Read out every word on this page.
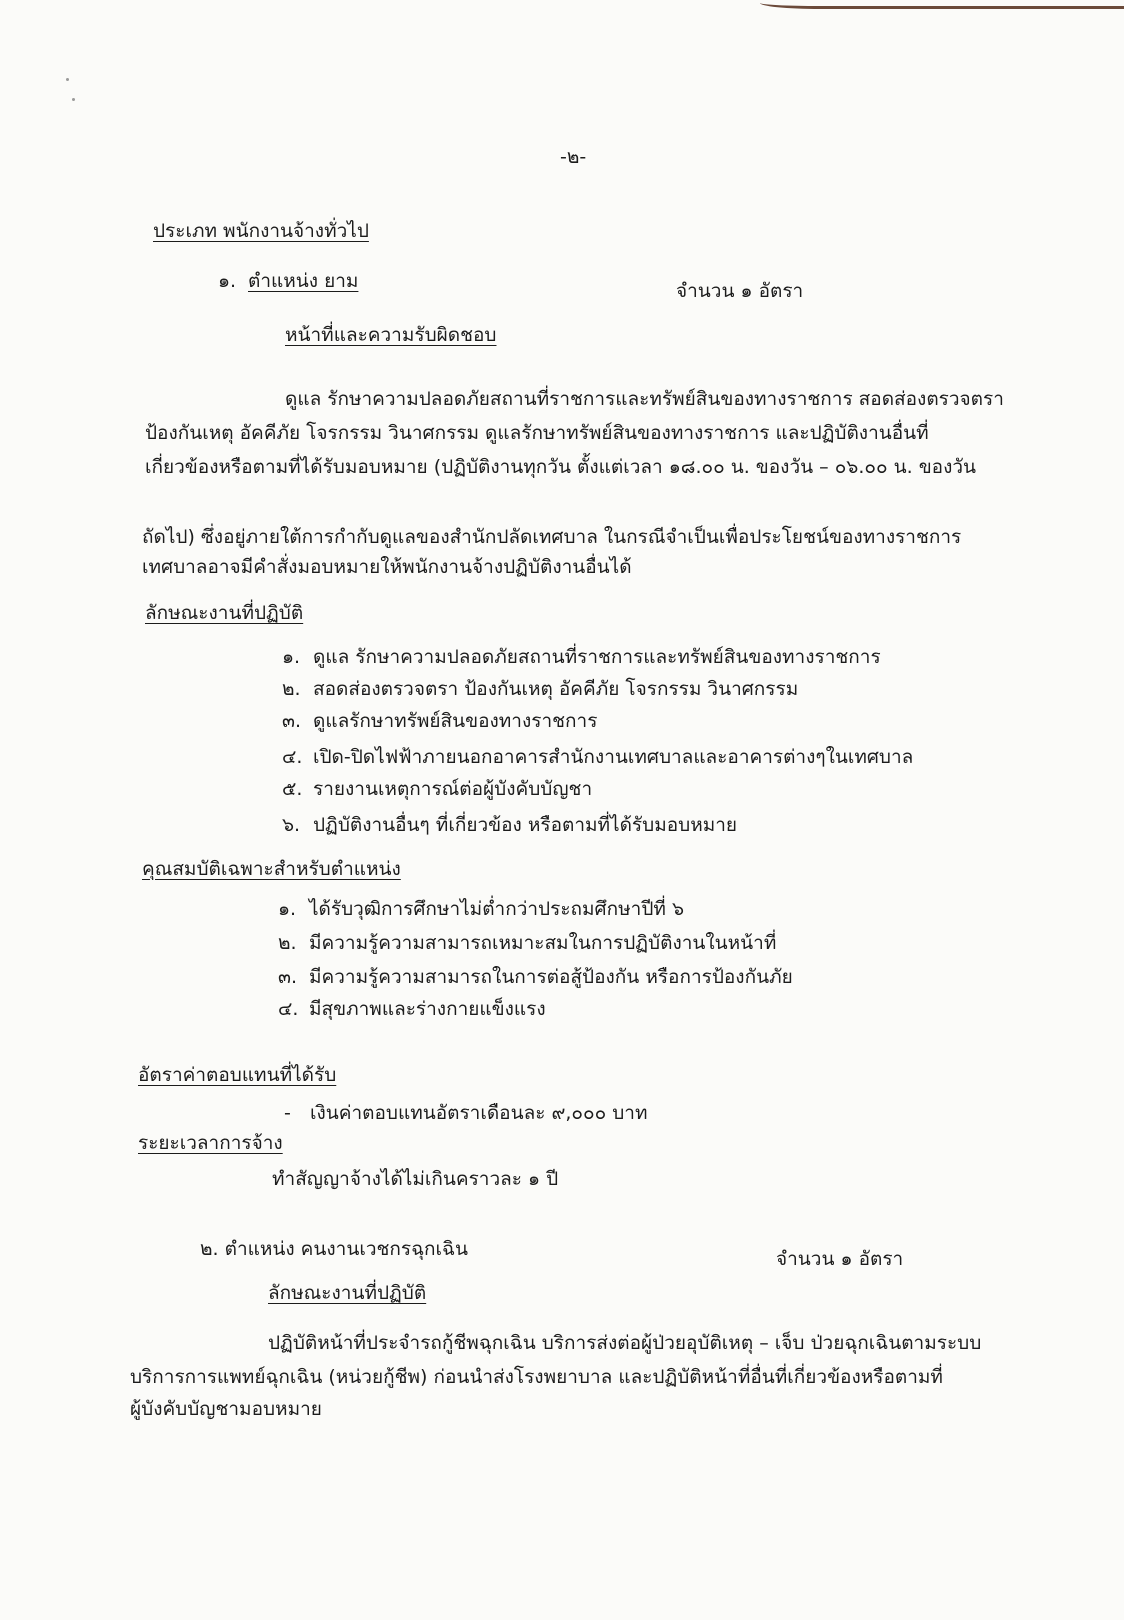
-๒-
ประเภท พนักงานจ้างทั่วไป
๑. ตำแหน่ง ยาม	จำนวน ๑ อัตรา
หน้าที่และความรับผิดชอบ
ดูแล รักษาความปลอดภัยสถานที่ราชการและทรัพย์สินของทางราชการ สอดส่องตรวจตรา
ป้องกันเหตุ อัคคีภัย โจรกรรม วินาศกรรม ดูแลรักษาทรัพย์สินของทางราชการ และปฏิบัติงานอื่นที่
เกี่ยวข้องหรือตามที่ได้รับมอบหมาย (ปฏิบัติงานทุกวัน ตั้งแต่เวลา ๑๘.๐๐ น. ของวัน – ๐๖.๐๐ น. ของวัน
ถัดไป) ซึ่งอยู่ภายใต้การกำกับดูแลของสำนักปลัดเทศบาล ในกรณีจำเป็นเพื่อประโยชน์ของทางราชการ
เทศบาลอาจมีคำสั่งมอบหมายให้พนักงานจ้างปฏิบัติงานอื่นได้
ลักษณะงานที่ปฏิบัติ
๑. ดูแล รักษาความปลอดภัยสถานที่ราชการและทรัพย์สินของทางราชการ
๒. สอดส่องตรวจตรา ป้องกันเหตุ อัคคีภัย โจรกรรม วินาศกรรม
๓. ดูแลรักษาทรัพย์สินของทางราชการ
๔. เปิด-ปิดไฟฟ้าภายนอกอาคารสำนักงานเทศบาลและอาคารต่างๆในเทศบาล
๕. รายงานเหตุการณ์ต่อผู้บังคับบัญชา
๖. ปฏิบัติงานอื่นๆ ที่เกี่ยวข้อง หรือตามที่ได้รับมอบหมาย
คุณสมบัติเฉพาะสำหรับตำแหน่ง
๑. ได้รับวุฒิการศึกษาไม่ต่ำกว่าประถมศึกษาปีที่ ๖
๒. มีความรู้ความสามารถเหมาะสมในการปฏิบัติงานในหน้าที่
๓. มีความรู้ความสามารถในการต่อสู้ป้องกัน หรือการป้องกันภัย
๔. มีสุขภาพและร่างกายแข็งแรง
อัตราค่าตอบแทนที่ได้รับ
- เงินค่าตอบแทนอัตราเดือนละ ๙,๐๐๐ บาท
ระยะเวลาการจ้าง
ทำสัญญาจ้างได้ไม่เกินคราวละ ๑ ปี
๒. ตำแหน่ง คนงานเวชกรฉุกเฉิน	จำนวน ๑ อัตรา
ลักษณะงานที่ปฏิบัติ
ปฏิบัติหน้าที่ประจำรถกู้ชีพฉุกเฉิน บริการส่งต่อผู้ป่วยอุบัติเหตุ – เจ็บ ป่วยฉุกเฉินตามระบบ
บริการการแพทย์ฉุกเฉิน (หน่วยกู้ชีพ) ก่อนนำส่งโรงพยาบาล และปฏิบัติหน้าที่อื่นที่เกี่ยวข้องหรือตามที่
ผู้บังคับบัญชามอบหมาย
